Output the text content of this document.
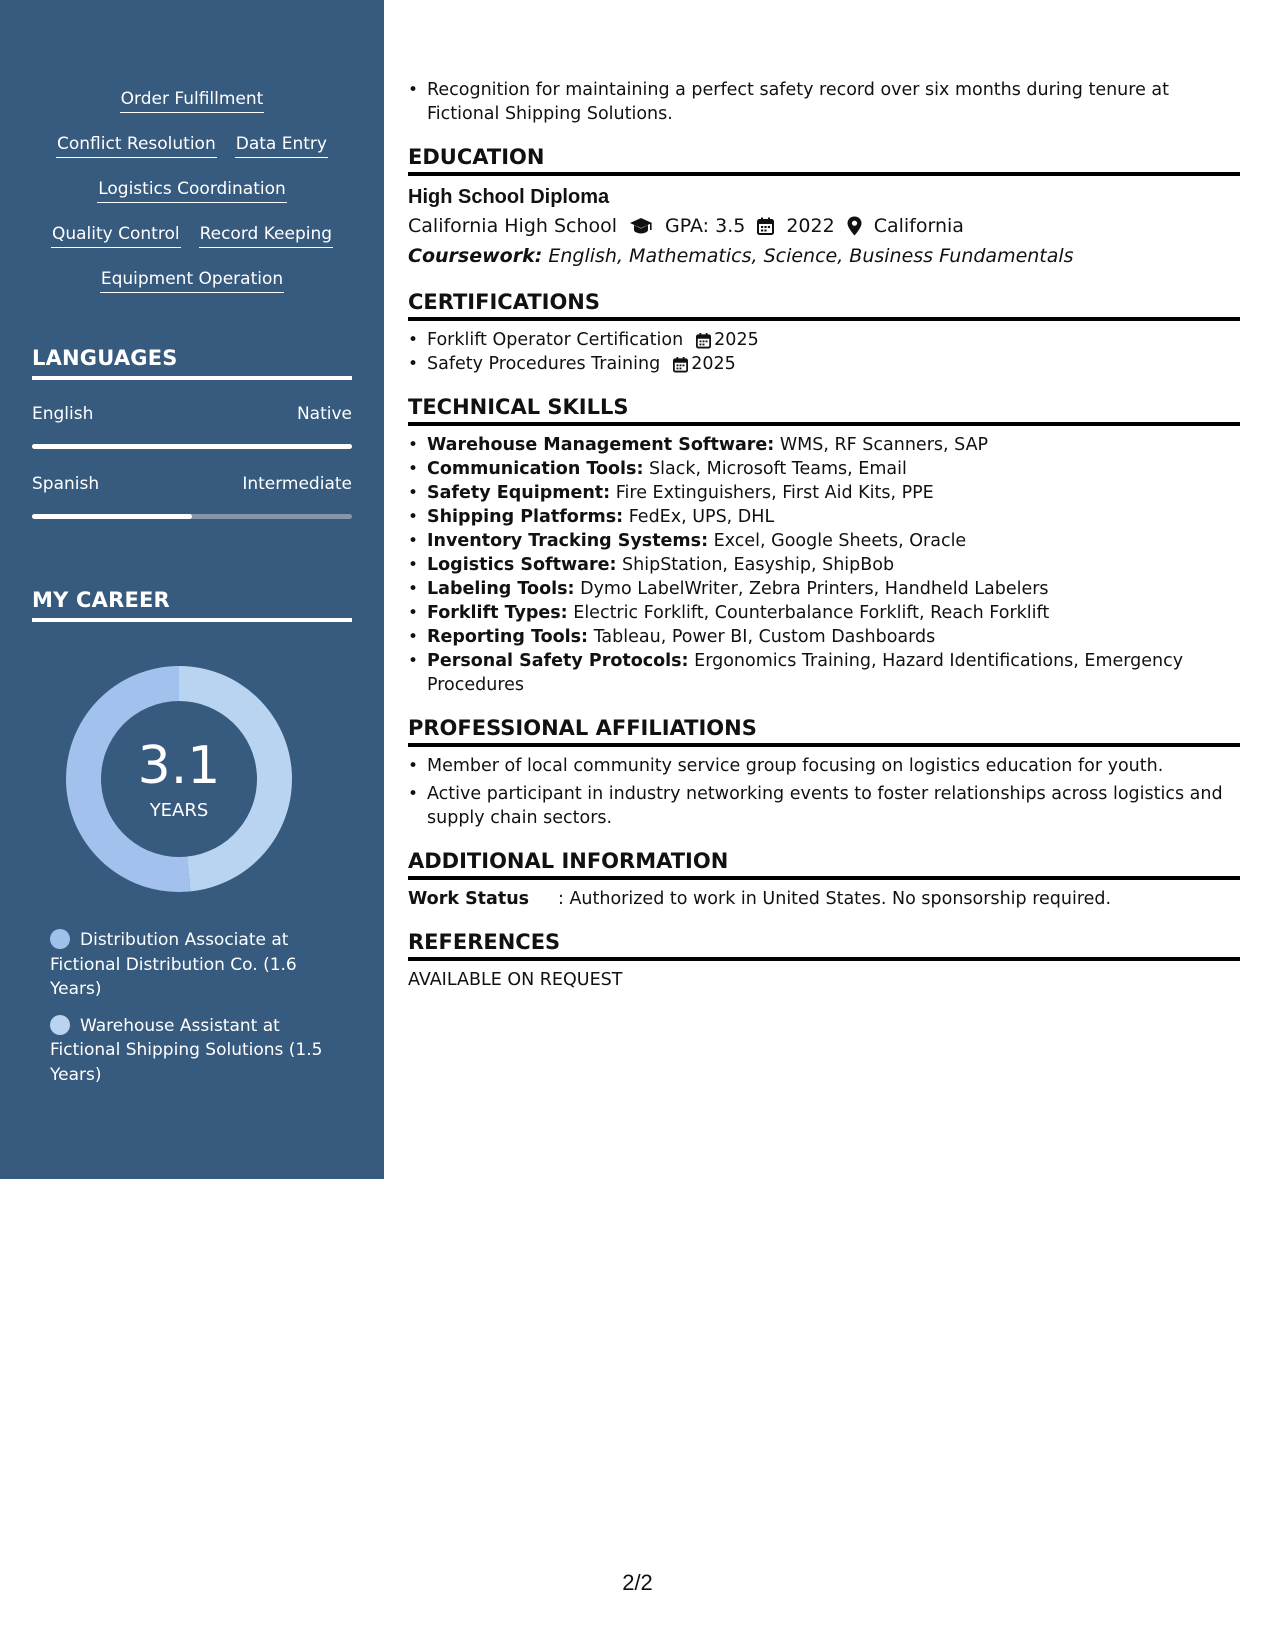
Order Fulfillment
Conflict Resolution Data Entry
Logistics Coordination
Quality Control Record Keeping
Equipment Operation
LANGUAGES
English	Native
Spanish	Intermediate
MY CAREER
3.1
YEARS
Distribution Associate at Fictional Distribution Co. (1.6 Years)
Warehouse Assistant at Fictional Shipping Solutions (1.5 Years)
• Recognition for maintaining a perfect safety record over six months during tenure at Fictional Shipping Solutions.
EDUCATION
High School Diploma
California High School	GPA: 3.5 2022 California
Coursework: English, Mathematics, Science, Business Fundamentals
CERTIFICATIONS
• Forklift Operator Certification 2025
• Safety Procedures Training 2025
TECHNICAL SKILLS
• Warehouse Management Software: WMS, RF Scanners, SAP
• Communication Tools: Slack, Microsoft Teams, Email
• Safety Equipment: Fire Extinguishers, First Aid Kits, PPE
• Shipping Platforms: FedEx, UPS, DHL
• Inventory Tracking Systems: Excel, Google Sheets, Oracle
• Logistics Software: ShipStation, Easyship, ShipBob
• Labeling Tools: Dymo LabelWriter, Zebra Printers, Handheld Labelers
• Forklift Types: Electric Forklift, Counterbalance Forklift, Reach Forklift
• Reporting Tools: Tableau, Power BI, Custom Dashboards
• Personal Safety Protocols: Ergonomics Training, Hazard Identifications, Emergency Procedures
PROFESSIONAL AFFILIATIONS
• Member of local community service group focusing on logistics education for youth.
• Active participant in industry networking events to foster relationships across logistics and supply chain sectors.
ADDITIONAL INFORMATION
Work Status	: Authorized to work in United States. No sponsorship required.
REFERENCES
AVAILABLE ON REQUEST
2/2
